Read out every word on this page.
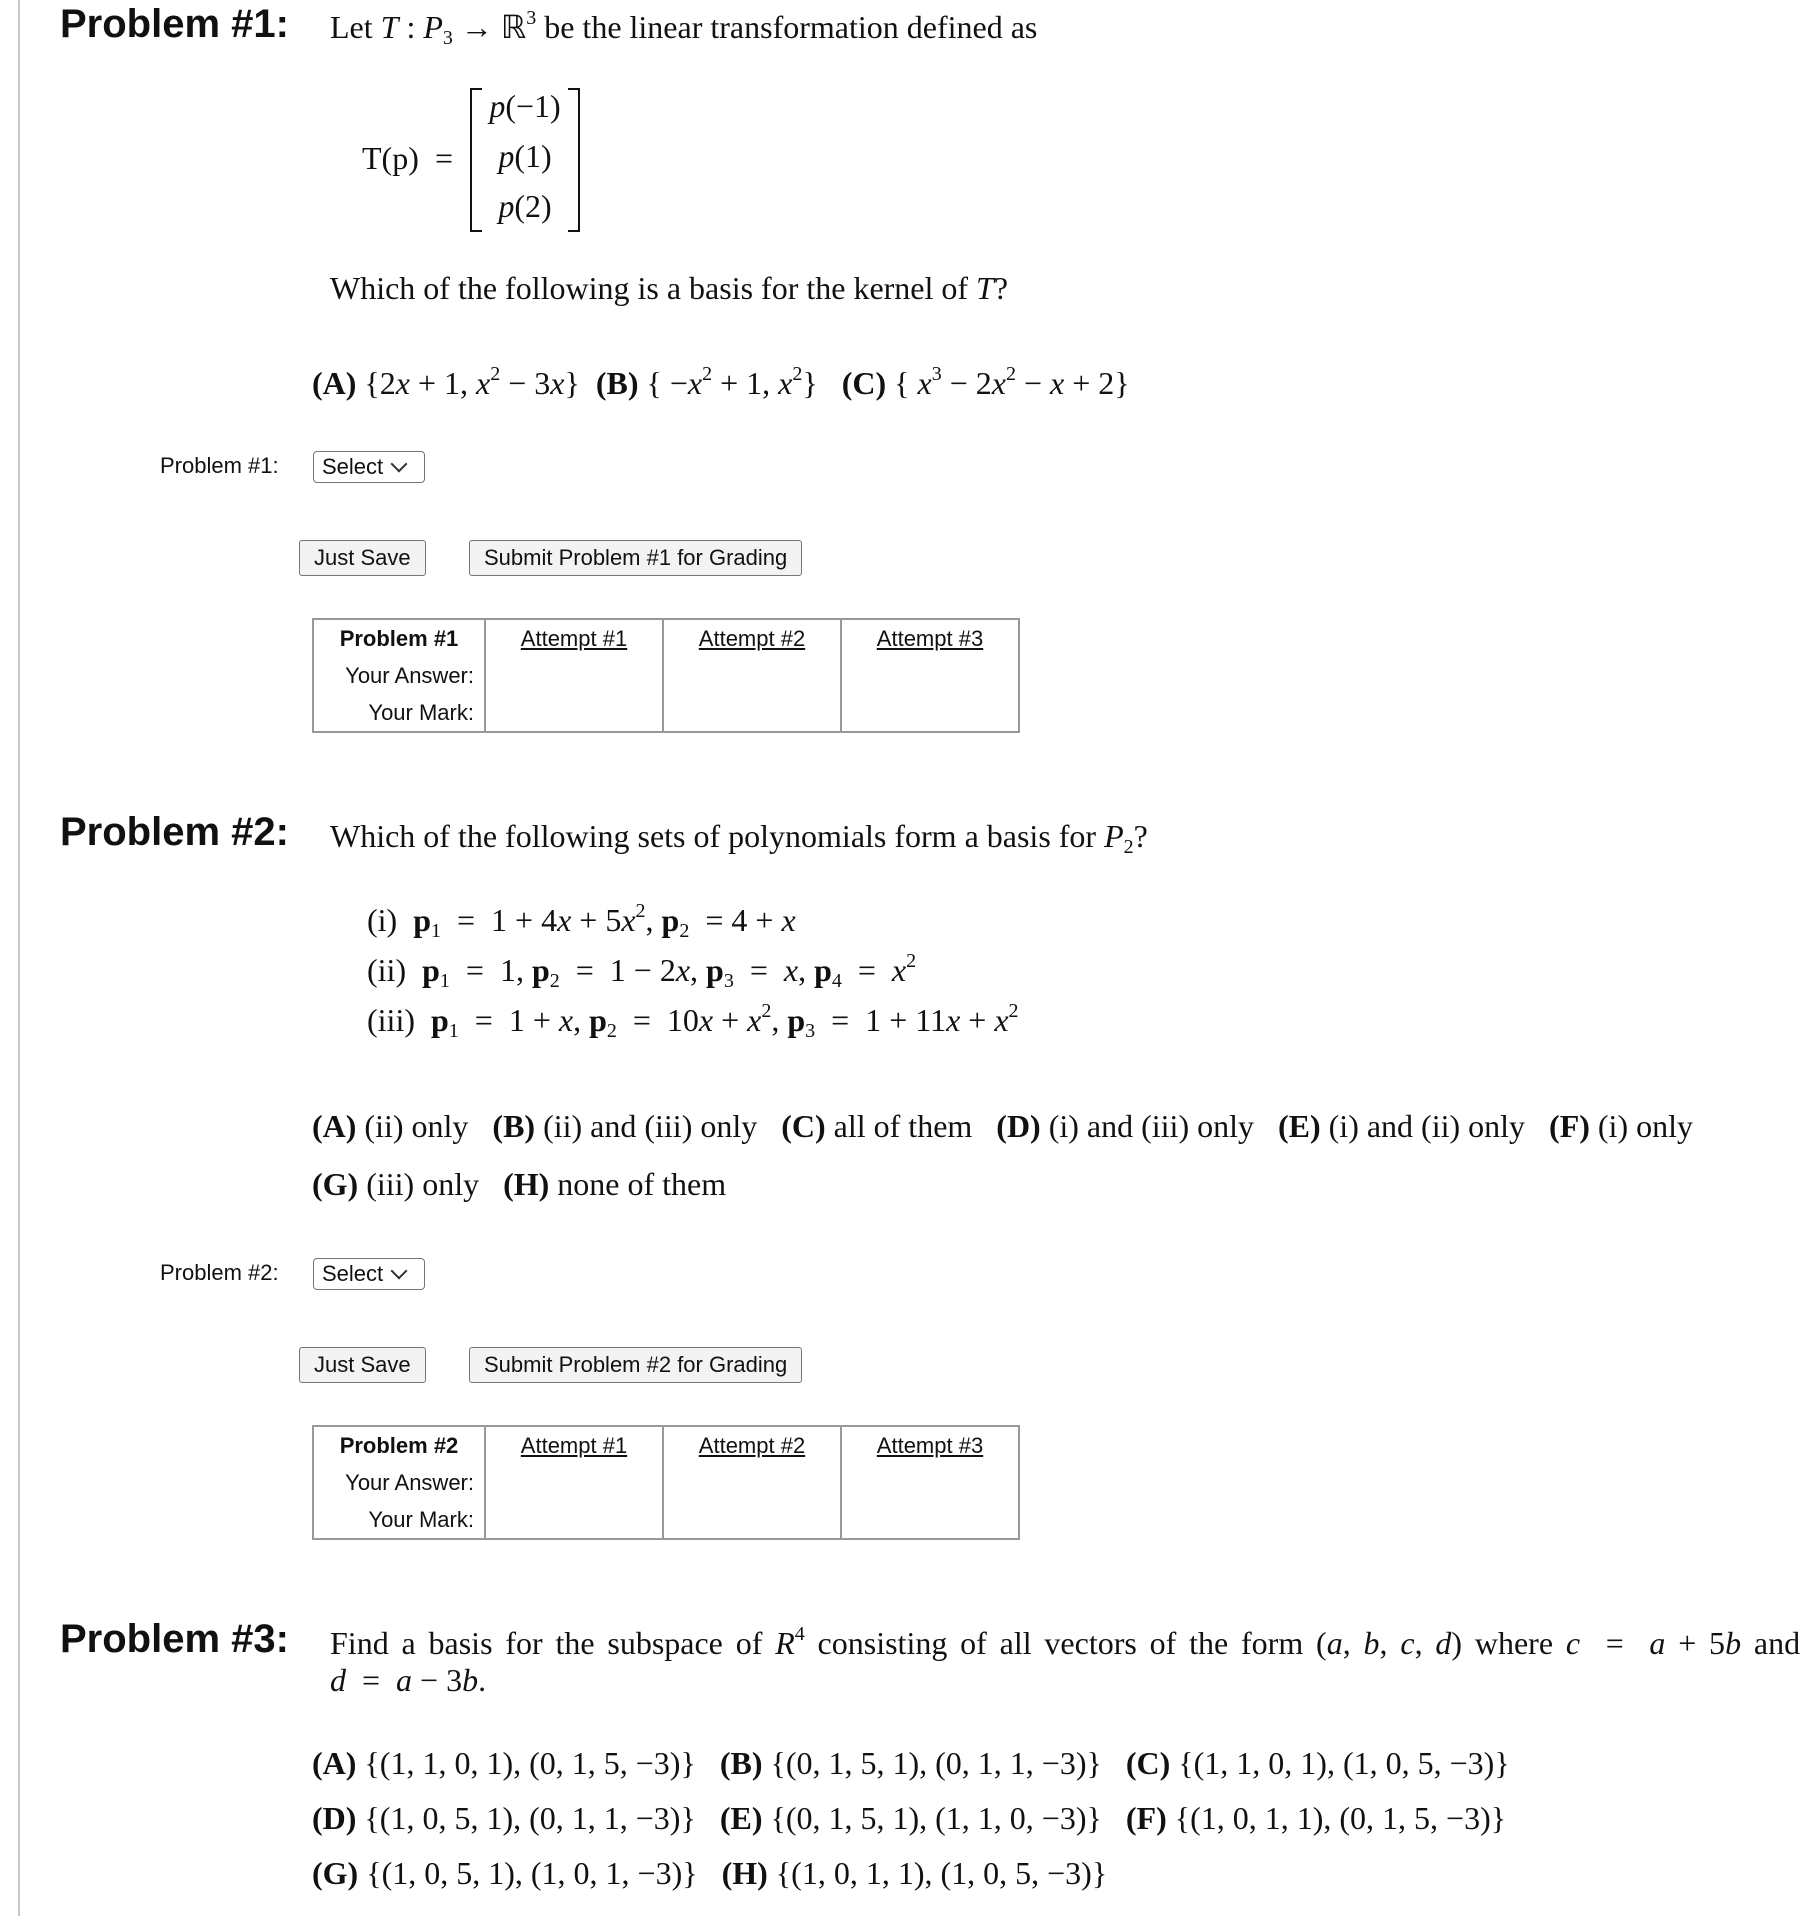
Problem #1: Let T : $P_3$ → ℝ$^3$ be the linear transformation defined as
T(p) =
p(−1)
p(1)
p(2)
Which of the following is a basis for the kernel of T?
(A) {2x + 1, $x^2 - 3x$}  (B) { $-x^2 + 1$, $x^2$}   (C) { $x^3 - 2x^2 - x + 2$}
Problem #1: Select
Just Save	Submit Problem #1 for Grading
Problem #1	Attempt #1	Attempt #2	Attempt #3
Your Answer:			
Your Mark:			
Problem #2: Which of the following sets of polynomials form a basis for $P_2$?
(i)  $p_1 = 1 + 4x + 5x^2$, $p_2 = 4 + x$
(ii)  $p_1 = 1$, $p_2 = 1 - 2x$, $p_3 = x$, $p_4 = x^2$
(iii)  $p_1 = 1 + x$, $p_2 = 10x + x^2$, $p_3 = 1 + 11x + x^2$
(A) (ii) only   (B) (ii) and (iii) only   (C) all of them   (D) (i) and (iii) only   (E) (i) and (ii) only   (F) (i) only
(G) (iii) only   (H) none of them
Problem #2: Select
Just Save	Submit Problem #2 for Grading
Problem #2	Attempt #1	Attempt #2	Attempt #3
Your Answer:			
Your Mark:			
Problem #3: Find a basis for the subspace of $R^4$ consisting of all vectors of the form (a, b, c, d) where c  =  a + 5b and
d  =  a − 3b.
(A) {(1, 1, 0, 1), (0, 1, 5, −3)}   (B) {(0, 1, 5, 1), (0, 1, 1, −3)}   (C) {(1, 1, 0, 1), (1, 0, 5, −3)}
(D) {(1, 0, 5, 1), (0, 1, 1, −3)}   (E) {(0, 1, 5, 1), (1, 1, 0, −3)}   (F) {(1, 0, 1, 1), (0, 1, 5, −3)}
(G) {(1, 0, 5, 1), (1, 0, 1, −3)}   (H) {(1, 0, 1, 1), (1, 0, 5, −3)}
